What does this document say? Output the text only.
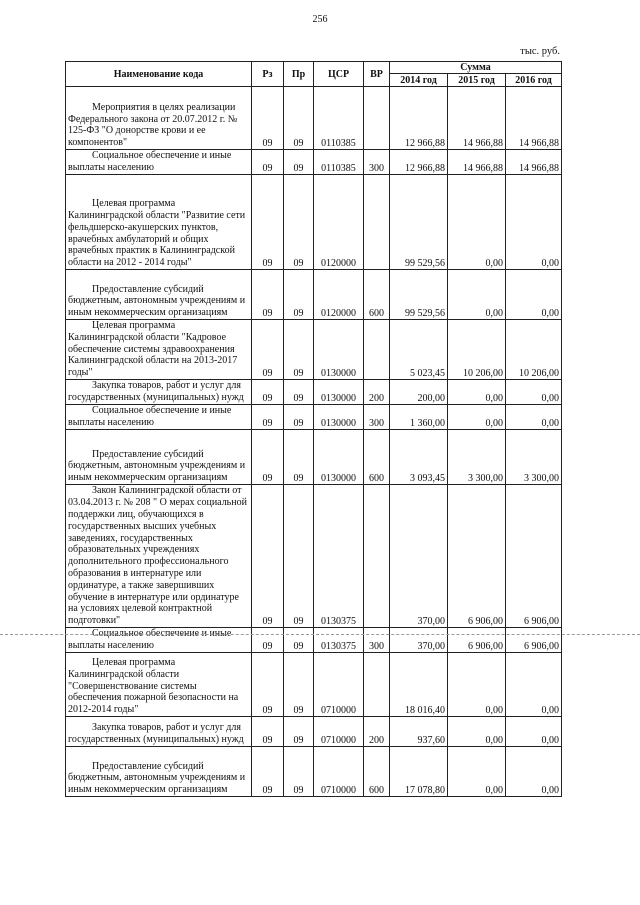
256
тыс. руб.
Наименование кода	Рз	Пр	ЦСР	ВР	Сумма		
					2014 год	2015 год	2016 год
Мероприятия в целях реализации Федерального закона от 20.07.2012 г. № 125-ФЗ "О донорстве крови и ее компонентов"	09	09	0110385		12 966,88	14 966,88	14 966,88
Социальное обеспечение и иные выплаты населению	09	09	0110385	300	12 966,88	14 966,88	14 966,88
Целевая программа Калининградской области "Развитие сети фельдшерско-акушерских пунктов, врачебных амбулаторий и общих врачебных практик в Калининградской области на 2012 - 2014 годы"	09	09	0120000		99 529,56	0,00	0,00
Предоставление субсидий бюджетным, автономным учреждениям и иным некоммерческим организациям	09	09	0120000	600	99 529,56	0,00	0,00
Целевая программа Калининградской области "Кадровое обеспечение системы здравоохранения Калининградской области на 2013-2017 годы"	09	09	0130000		5 023,45	10 206,00	10 206,00
Закупка товаров, работ и услуг для государственных (муниципальных) нужд	09	09	0130000	200	200,00	0,00	0,00
Социальное обеспечение и иные выплаты населению	09	09	0130000	300	1 360,00	0,00	0,00
Предоставление субсидий бюджетным, автономным учреждениям и иным некоммерческим организациям	09	09	0130000	600	3 093,45	3 300,00	3 300,00
Закон Калининградской области от 03.04.2013 г. № 208 " О мерах социальной поддержки лиц, обучающихся в государственных высших учебных заведениях, государственных образовательных учреждениях дополнительного профессионального образования в интернатуре или ординатуре, а также завершивших обучение в интернатуре или ординатуре на условиях целевой контрактной подготовки"	09	09	0130375		370,00	6 906,00	6 906,00
Социальное обеспечение и иные выплаты населению	09	09	0130375	300	370,00	6 906,00	6 906,00
Целевая программа Калининградской области "Совершенствование системы обеспечения пожарной безопасности на 2012-2014 годы"	09	09	0710000		18 016,40	0,00	0,00
Закупка товаров, работ и услуг для государственных (муниципальных) нужд	09	09	0710000	200	937,60	0,00	0,00
Предоставление субсидий бюджетным, автономным учреждениям и иным некоммерческим организациям	09	09	0710000	600	17 078,80	0,00	0,00
